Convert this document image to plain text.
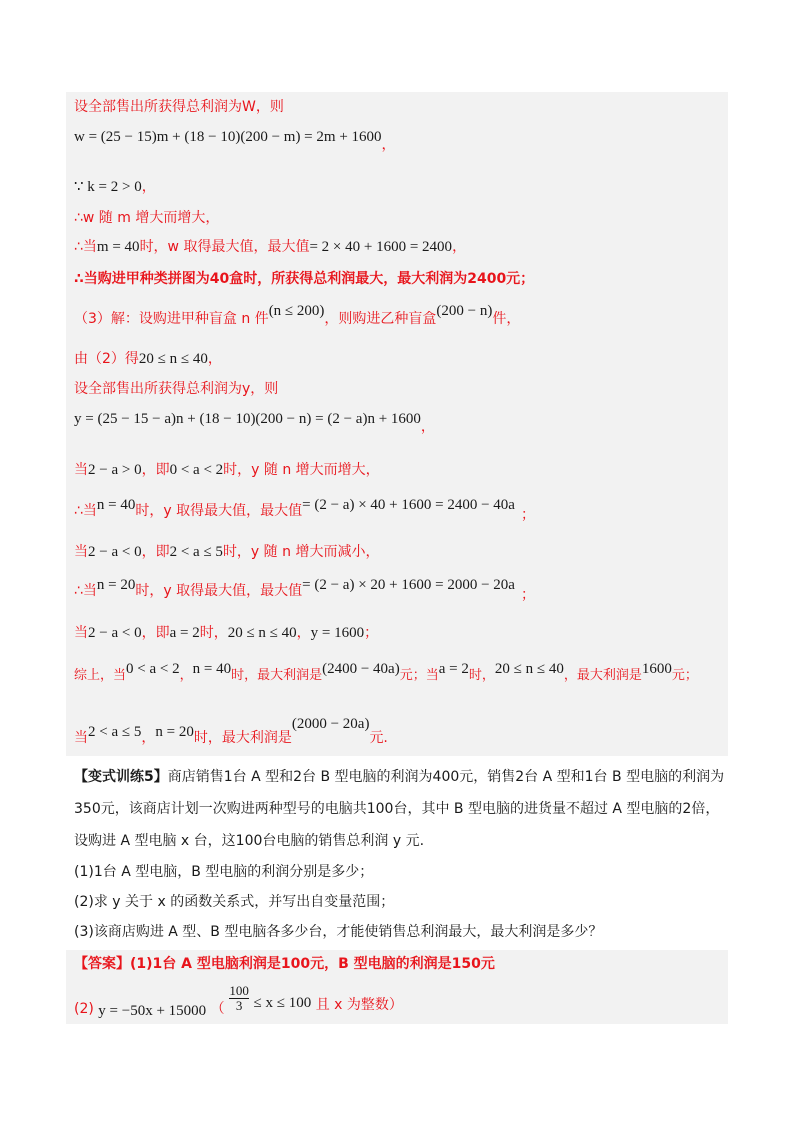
设全部售出所获得总利润为W，则
w = (25 − 15)m + (18 − 10)(200 − m) = 2m + 1600，
∵ k = 2 > 0，
∴w 随 m 增大而增大，
∴当m = 40时，w 取得最大值，最大值= 2 × 40 + 1600 = 2400，
∴当购进甲种类拼图为40盒时，所获得总利润最大，最大利润为2400元；
（3）解：设购进甲种盲盒 n 件(n ≤ 200)，则购进乙种盲盒(200 − n)件，
由（2）得20 ≤ n ≤ 40，
设全部售出所获得总利润为y，则
y = (25 − 15 − a)n + (18 − 10)(200 − n) = (2 − a)n + 1600，
当2 − a > 0，即0 < a < 2时，y 随 n 增大而增大，
∴当n = 40时，y 取得最大值，最大值= (2 − a) × 40 + 1600 = 2400 − 40a；
当2 − a < 0，即2 < a ≤ 5时，y 随 n 增大而减小，
∴当n = 20时，y 取得最大值，最大值= (2 − a) × 20 + 1600 = 2000 − 20a；
当2 − a < 0，即a = 2时，20 ≤ n ≤ 40，y = 1600；
综上，当0 < a < 2，n = 40时，最大利润是(2400 − 40a)元；当a = 2时，20 ≤ n ≤ 40，最大利润是1600元；
当2 < a ≤ 5，n = 20时，最大利润是(2000 − 20a)元.
【变式训练5】商店销售1台 A 型和2台 B 型电脑的利润为400元，销售2台 A 型和1台 B 型电脑的利润为
350元，该商店计划一次购进两种型号的电脑共100台，其中 B 型电脑的进货量不超过 A 型电脑的2倍，
设购进 A 型电脑 x 台，这100台电脑的销售总利润 y 元.
(1)1台 A 型电脑，B 型电脑的利润分别是多少；
(2)求 y 关于 x 的函数关系式，并写出自变量范围；
(3)该商店购进 A 型、B 型电脑各多少台，才能使销售总利润最大，最大利润是多少？
【答案】(1)1台 A 型电脑利润是100元，B 型电脑的利润是150元
(2) y = −50x + 15000 （ $\frac{100}{3} \le x \le 100$ 且 x 为整数）
